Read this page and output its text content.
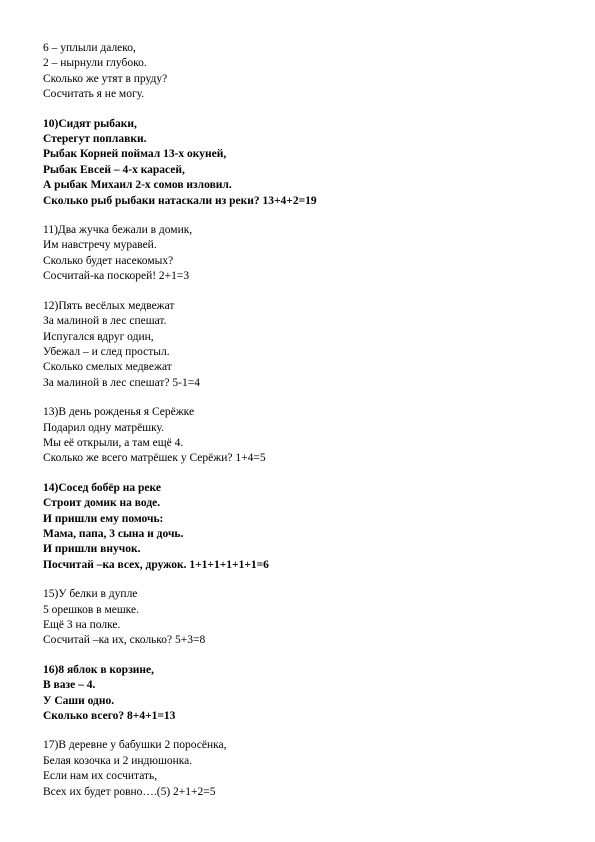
6 – уплыли далеко,
2 – нырнули глубоко.
Сколько же утят в пруду?
Сосчитать я не могу.
10)Сидят рыбаки,
Стерегут поплавки.
Рыбак Корней поймал 13-х окуней,
Рыбак Евсей – 4-х карасей,
А рыбак Михаил 2-х сомов изловил.
Сколько рыб рыбаки натаскали из реки? 13+4+2=19
11)Два жучка бежали в домик,
Им навстречу муравей.
Сколько будет насекомых?
Сосчитай-ка поскорей! 2+1=3
12)Пять весёлых медвежат
За малиной в лес спешат.
Испугался вдруг один,
Убежал – и след простыл.
Сколько смелых медвежат
За малиной в лес спешат? 5-1=4
13)В день рожденья я Серёжке
Подарил одну матрёшку.
Мы её открыли, а там ещё 4.
Сколько же всего матрёшек у Серёжи? 1+4=5
14)Сосед бобёр на реке
Строит домик на воде.
И пришли ему помочь:
Мама, папа, 3 сына и дочь.
И пришли внучок.
Посчитай –ка всех, дружок. 1+1+1+1+1+1=6
15)У белки в дупле
5 орешков в мешке.
Ещё 3 на полке.
Сосчитай –ка их, сколько? 5+3=8
16)8 яблок в корзине,
В вазе – 4.
У Саши одно.
Сколько всего? 8+4+1=13
17)В деревне у бабушки 2 поросёнка,
Белая козочка и 2 индюшонка.
Если нам их сосчитать,
Всех их будет ровно….(5) 2+1+2=5
